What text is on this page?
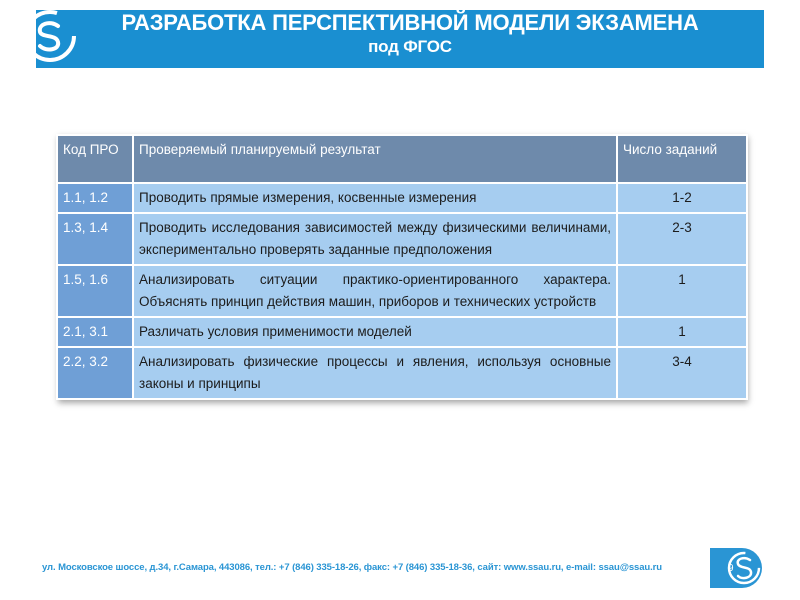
РАЗРАБОТКА ПЕРСПЕКТИВНОЙ МОДЕЛИ ЭКЗАМЕНА
под ФГОС
Код ПРО	Проверяемый планируемый результат	Число заданий
1.1, 1.2	Проводить прямые измерения, косвенные измерения	1-2
1.3, 1.4	Проводить исследования зависимостей между физическими величинами, экспериментально проверять заданные предположения	2-3
1.5, 1.6	Анализировать ситуации практико-ориентированного характера. Объяснять принцип действия машин, приборов и технических устройств	1
2.1, 3.1	Различать условия применимости моделей	1
2.2, 3.2	Анализировать физические процессы и явления, используя основные законы и принципы	3-4
ул. Московское шоссе, д.34, г.Самара, 443086, тел.: +7 (846) 335-18-26, факс: +7 (846) 335-18-36, сайт: www.ssau.ru, e-mail: ssau@ssau.ru	9
